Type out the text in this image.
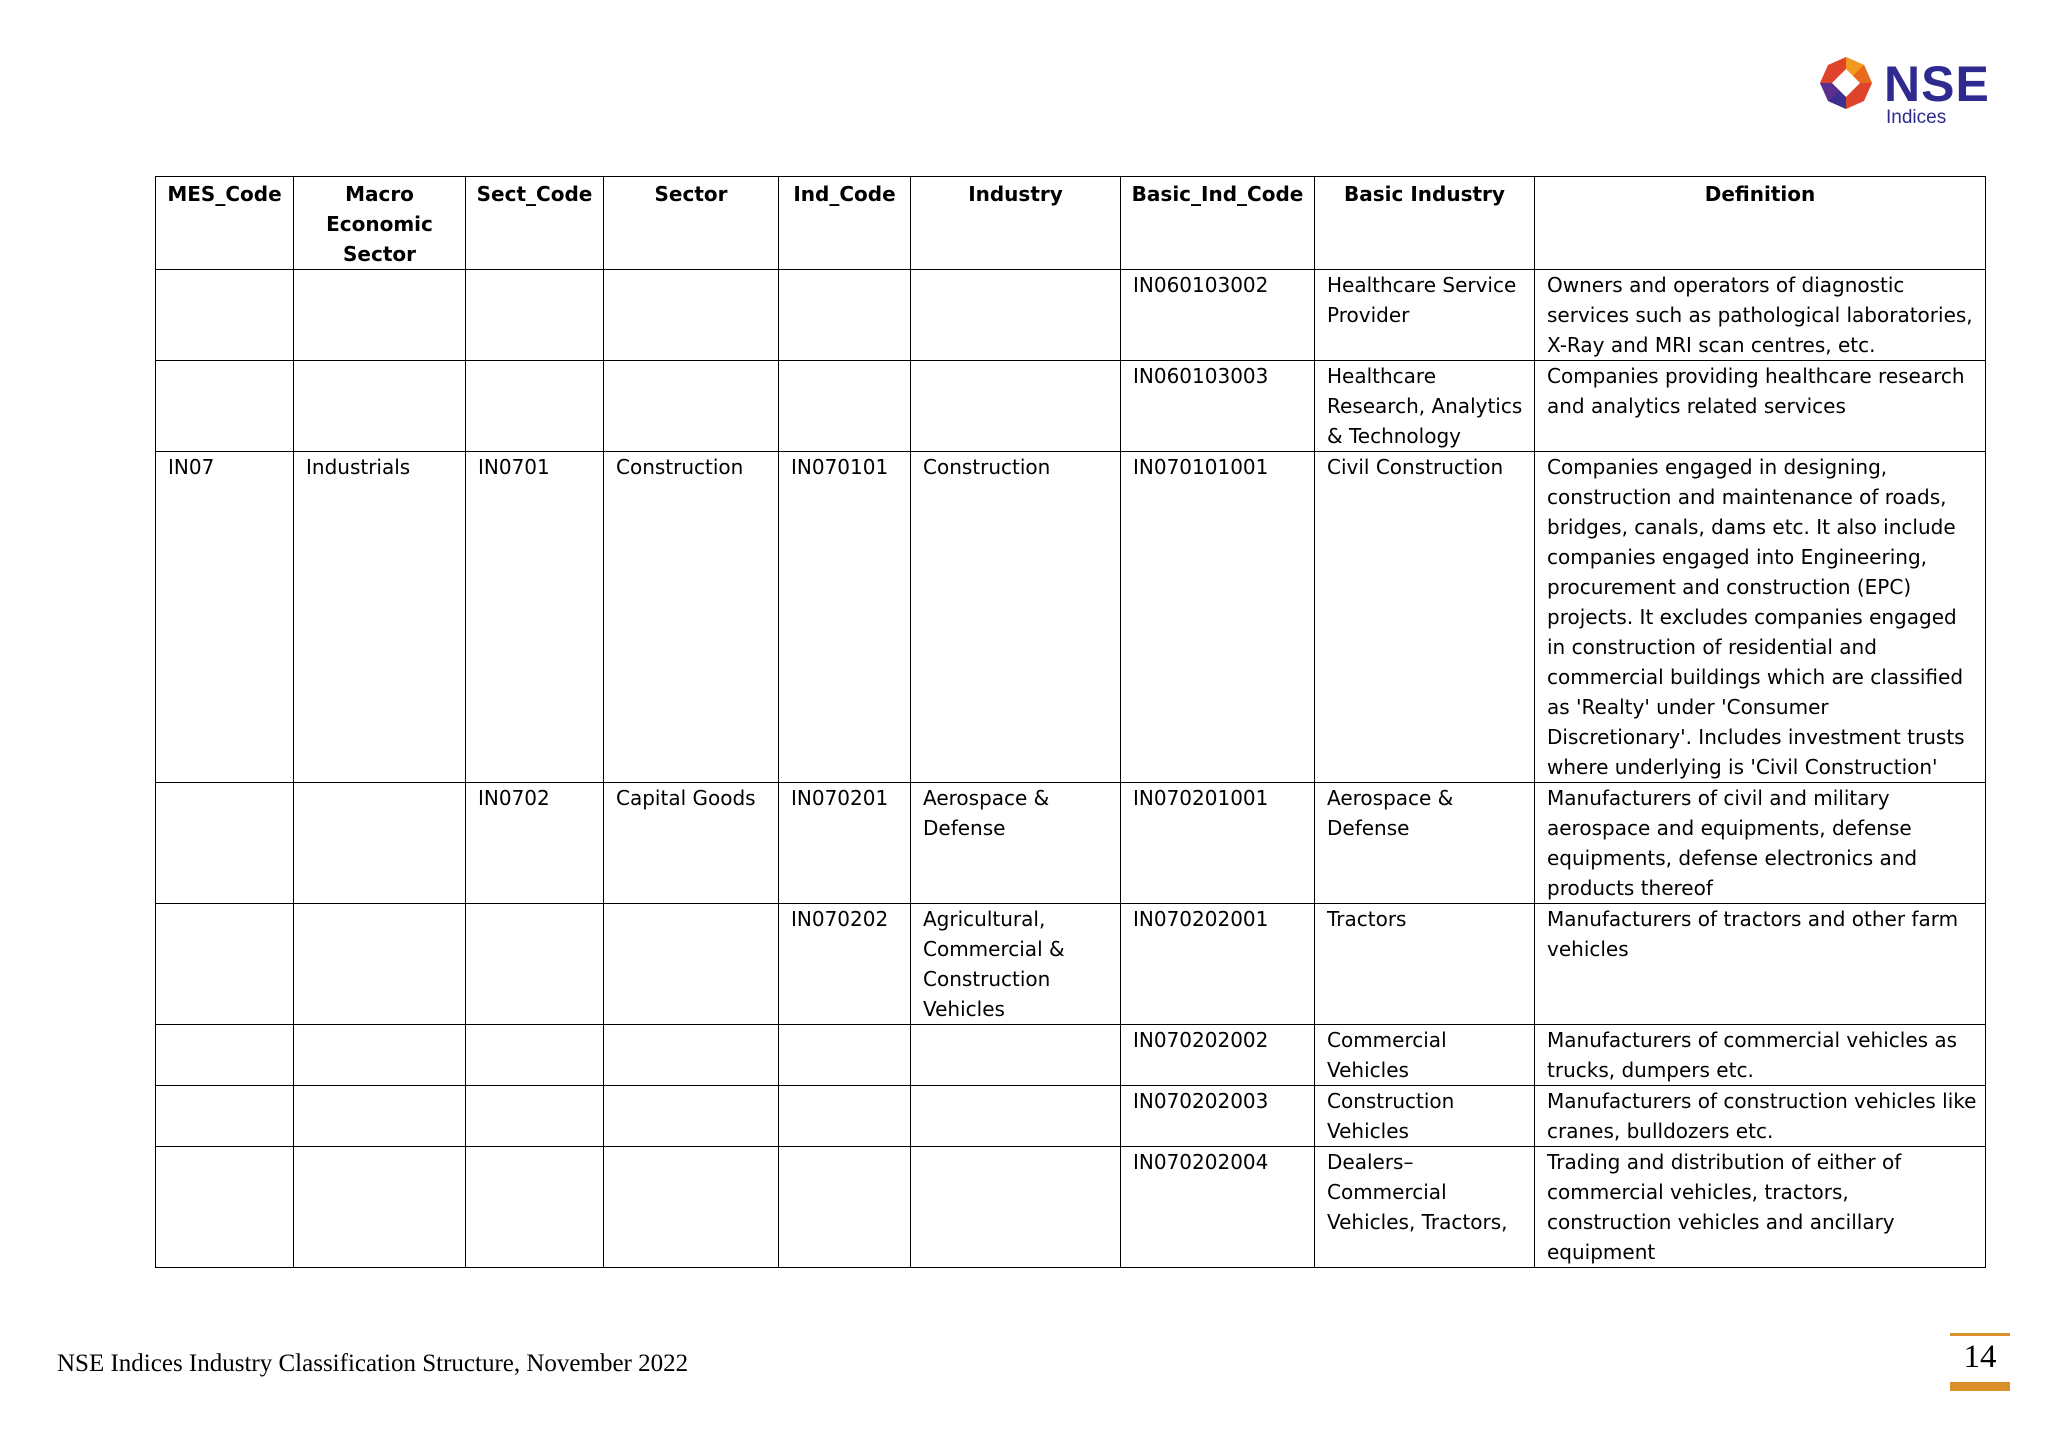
NSE
Indices
MES_Code	Macro Economic Sector	Sect_Code	Sector	Ind_Code	Industry	Basic_Ind_Code	Basic Industry	Definition
						IN060103002	Healthcare Service Provider	Owners and operators of diagnostic services such as pathological laboratories, X-Ray and MRI scan centres, etc.
						IN060103003	Healthcare Research, Analytics & Technology	Companies providing healthcare research and analytics related services
IN07	Industrials	IN0701	Construction	IN070101	Construction	IN070101001	Civil Construction	Companies engaged in designing, construction and maintenance of roads, bridges, canals, dams etc. It also include companies engaged into Engineering, procurement and construction (EPC) projects. It excludes companies engaged in construction of residential and commercial buildings which are classified as 'Realty' under 'Consumer Discretionary'. Includes investment trusts where underlying is 'Civil Construction'
		IN0702	Capital Goods	IN070201	Aerospace & Defense	IN070201001	Aerospace & Defense	Manufacturers of civil and military aerospace and equipments, defense equipments, defense electronics and products thereof
				IN070202	Agricultural, Commercial & Construction Vehicles	IN070202001	Tractors	Manufacturers of tractors and other farm vehicles
						IN070202002	Commercial Vehicles	Manufacturers of commercial vehicles as trucks, dumpers etc.
						IN070202003	Construction Vehicles	Manufacturers of construction vehicles like cranes, bulldozers etc.
						IN070202004	Dealers– Commercial Vehicles, Tractors,	Trading and distribution of either of commercial vehicles, tractors, construction vehicles and ancillary equipment
NSE Indices Industry Classification Structure, November 2022	14
